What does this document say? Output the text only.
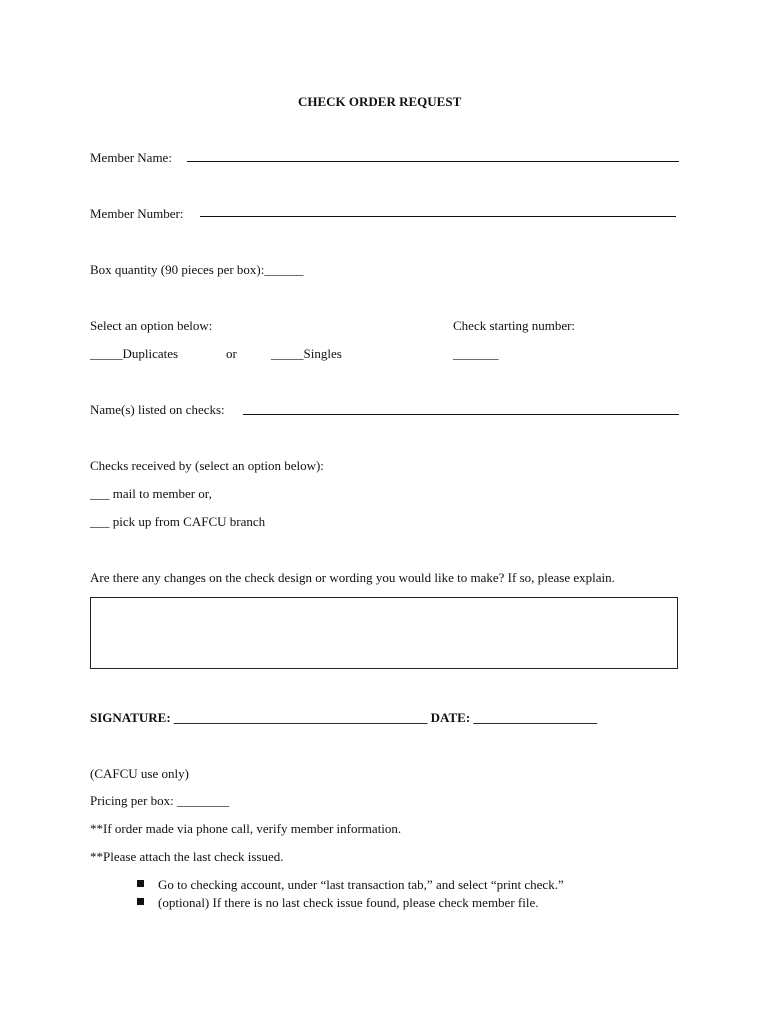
CHECK ORDER REQUEST
Member Name:
Member Number:
Box quantity (90 pieces per box):______
Select an option below:	Check starting number:
_____Duplicates	or	_____Singles	_______
Name(s) listed on checks:
Checks received by (select an option below):
___ mail to member or,
___ pick up from CAFCU branch
Are there any changes on the check design or wording you would like to make? If so, please explain.
SIGNATURE: _______________________________________ DATE: ___________________
(CAFCU use only)
Pricing per box: ________
**If order made via phone call, verify member information.
**Please attach the last check issued.
Go to checking account, under “last transaction tab,” and select “print check.”
(optional) If there is no last check issue found, please check member file.
